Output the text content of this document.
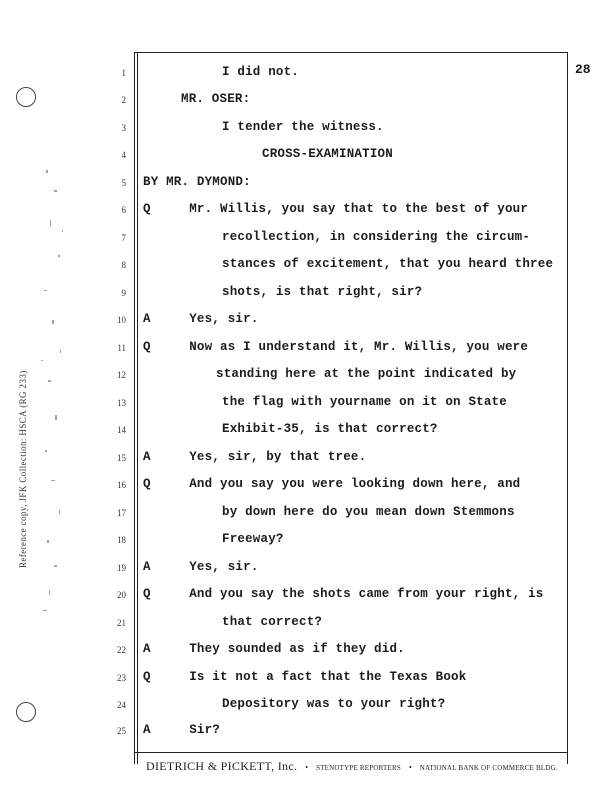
Reference copy, JFK Collection: HSCA (RG 233)
28
1
2
3
4
5
6
7
8
9
10
11
12
13
14
15
16
17
18
19
20
21
22
23
24
25
I did not.
MR. OSER:
I tender the witness.
CROSS-EXAMINATION
BY MR. DYMOND:
Q     Mr. Willis, you say that to the best of your
recollection, in considering the circum-
stances of excitement, that you heard three
shots, is that right, sir?
A     Yes, sir.
Q     Now as I understand it, Mr. Willis, you were
standing here at the point indicated by
the flag with yourname on it on State
Exhibit-35, is that correct?
A     Yes, sir, by that tree.
Q     And you say you were looking down here, and
by down here do you mean down Stemmons
Freeway?
A     Yes, sir.
Q     And you say the shots came from your right, is
that correct?
A     They sounded as if they did.
Q     Is it not a fact that the Texas Book
Depository was to your right?
A     Sir?
DIETRICH & PICKETT, Inc. • STENOTYPE REPORTERS • NATIONAL BANK OF COMMERCE BLDG.
